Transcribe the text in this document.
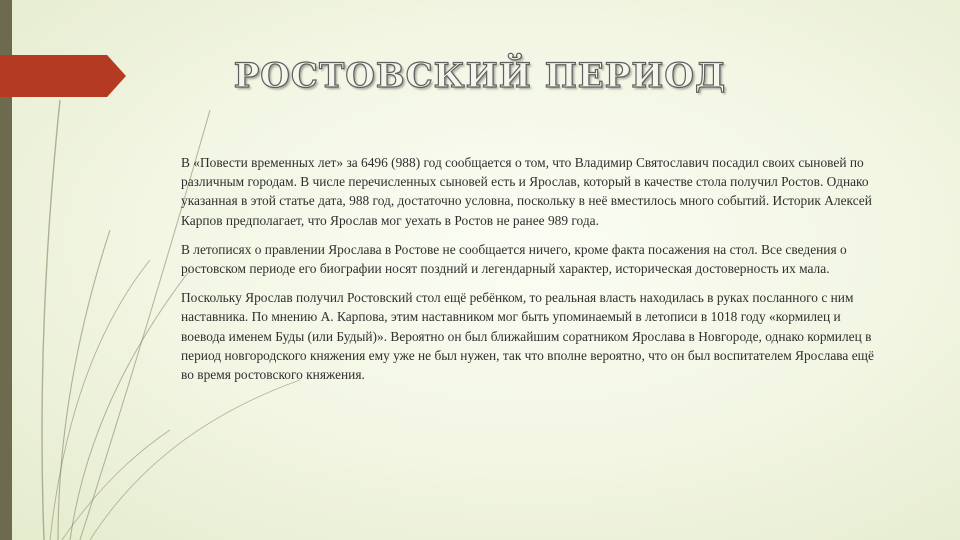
РОСТОВСКИЙ ПЕРИОД

В «Повести временных лет» за 6496 (988) год сообщается о том, что Владимир Святославич посадил своих сыновей по различным городам. В числе перечисленных сыновей есть и Ярослав, который в качестве стола получил Ростов. Однако указанная в этой статье дата, 988 год, достаточно условна, поскольку в неё вместилось много событий. Историк Алексей Карпов предполагает, что Ярослав мог уехать в Ростов не ранее 989 года.

В летописях о правлении Ярослава в Ростове не сообщается ничего, кроме факта посажения на стол. Все сведения о ростовском периоде его биографии носят поздний и легендарный характер, историческая достоверность их мала.

Поскольку Ярослав получил Ростовский стол ещё ребёнком, то реальная власть находилась в руках посланного с ним наставника. По мнению А. Карпова, этим наставником мог быть упоминаемый в летописи в 1018 году «кормилец и воевода именем Буды (или Будый)». Вероятно он был ближайшим соратником Ярослава в Новгороде, однако кормилец в период новгородского княжения ему уже не был нужен, так что вполне вероятно, что он был воспитателем Ярослава ещё во время ростовского княжения.
